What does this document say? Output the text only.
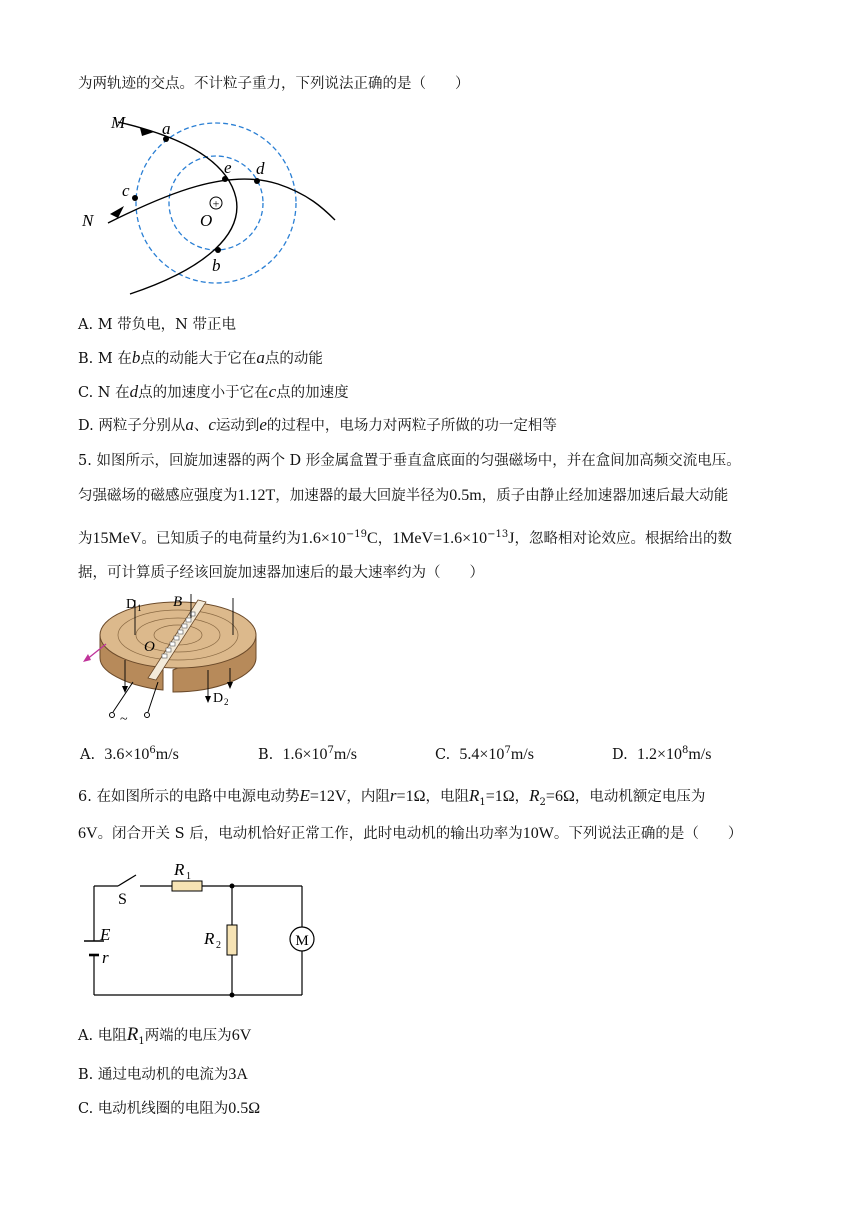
为两轨迹的交点。不计粒子重力，下列说法正确的是（　　）
+
M a
c
e d
N	O
b
A. M 带负电，N 带正电
B. M 在b点的动能大于它在a点的动能
C. N 在d点的加速度小于它在c点的加速度
D. 两粒子分别从a、c运动到e的过程中，电场力对两粒子所做的功一定相等
5. 如图所示，回旋加速器的两个 D 形金属盒置于垂直盒底面的匀强磁场中，并在盒间加高频交流电压。
匀强磁场的磁感应强度为1.12T，加速器的最大回旋半径为0.5m，质子由静止经加速器加速后最大动能
为15MeV。已知质子的电荷量约为$1.6\times 10^{-19}C$，$1MeV=1.6\times 10^{-13}J$，忽略相对论效应。根据给出的数
据，可计算质子经该回旋加速器加速后的最大速率约为（　　）
D 1 B
O
D 2
~
A. $3.6\times 10^6m/s$	B. $1.6\times 10^7m/s$	C. $5.4\times 10^7m/s$	D. $1.2\times 10^8m/s$
6. 在如图所示的电路中电源电动势E=12V，内阻r=1Ω，电阻$R_1=1\Omega$，$R_2=6\Omega$，电动机额定电压为
6V。闭合开关 S 后，电动机恰好正常工作，此时电动机的输出功率为10W。下列说法正确的是（　　）
M
R 1
S
E
r
R 2
A. 电阻$R_1$两端的电压为6V
B. 通过电动机的电流为3A
C. 电动机线圈的电阻为0.5Ω
